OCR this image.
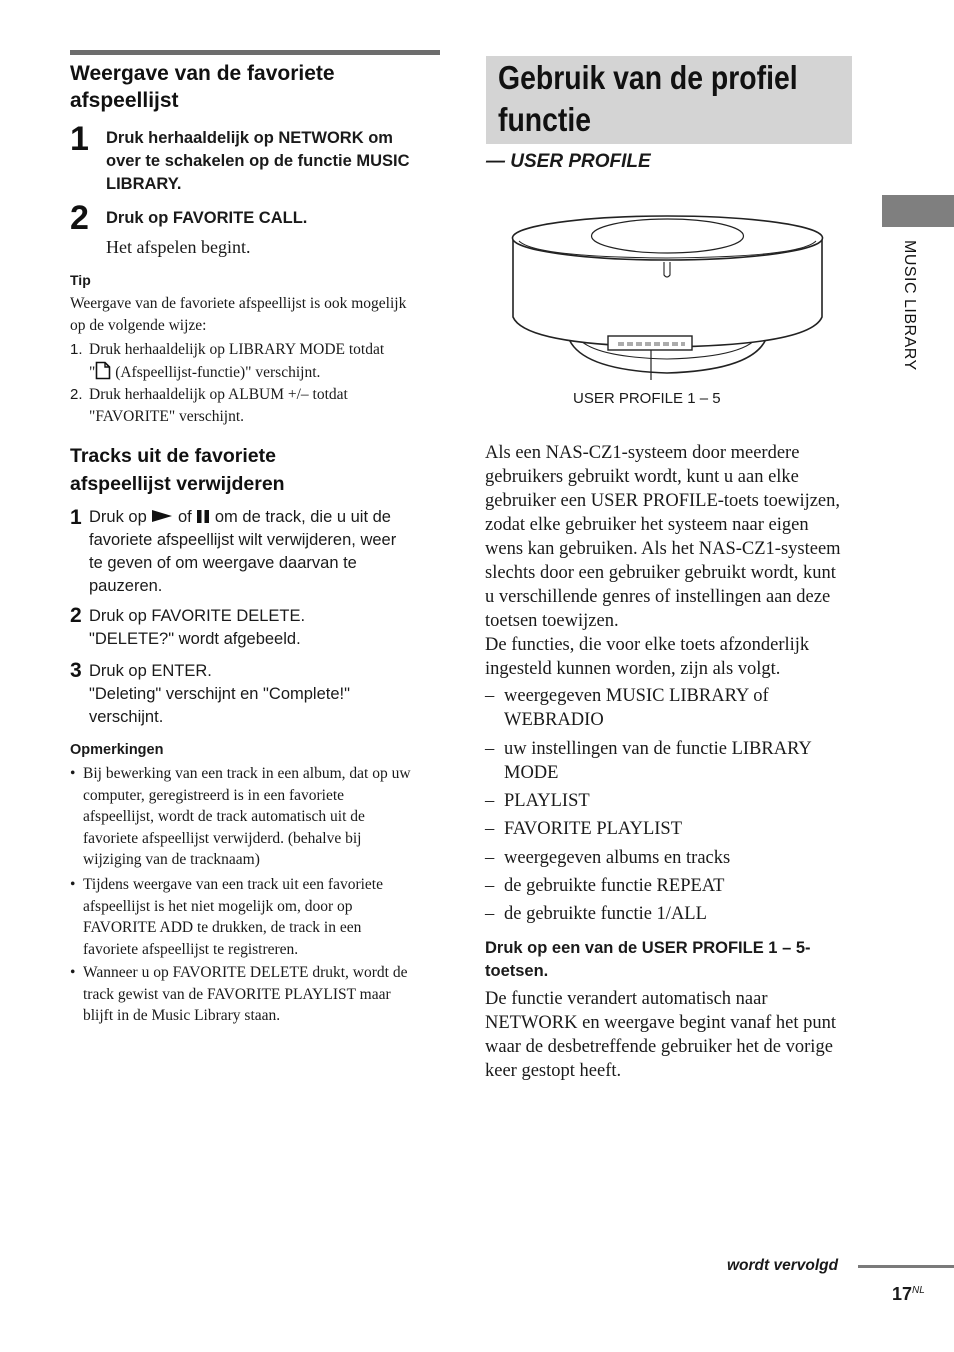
Weergave van de favoriete
afspeellijst
1 Druk herhaaldelijk op NETWORK om
over te schakelen op de functie MUSIC
LIBRARY.
2 Druk op FAVORITE CALL.
Het afspelen begint.
Tip
Weergave van de favoriete afspeellijst is ook mogelijk
op de volgende wijze:
1. Druk herhaaldelijk op LIBRARY MODE totdat
" (Afspeellijst-functie)" verschijnt.
2. Druk herhaaldelijk op ALBUM +/– totdat
"FAVORITE" verschijnt.
Tracks uit de favoriete
afspeellijst verwijderen
1 Druk op  of  om de track, die u uit de
favoriete afspeellijst wilt verwijderen, weer
te geven of om weergave daarvan te
pauzeren.
2 Druk op FAVORITE DELETE.
"DELETE?" wordt afgebeeld.
3 Druk op ENTER.
"Deleting" verschijnt en "Complete!"
verschijnt.
Opmerkingen
• Bij bewerking van een track in een album, dat op uw
computer, geregistreerd is in een favoriete
afspeellijst, wordt de track automatisch uit de
favoriete afspeellijst verwijderd. (behalve bij
wijziging van de tracknaam)
• Tijdens weergave van een track uit een favoriete
afspeellijst is het niet mogelijk om, door op
FAVORITE ADD te drukken, de track in een
favoriete afspeellijst te registreren.
• Wanneer u op FAVORITE DELETE drukt, wordt de
track gewist van de FAVORITE PLAYLIST maar
blijft in de Music Library staan.
Gebruik van de profiel
functie
— USER PROFILE
USER PROFILE 1 – 5
Als een NAS-CZ1-systeem door meerdere
gebruikers gebruikt wordt, kunt u aan elke
gebruiker een USER PROFILE-toets toewijzen,
zodat elke gebruiker het systeem naar eigen
wens kan gebruiken. Als het NAS-CZ1-systeem
slechts door een gebruiker gebruikt wordt, kunt
u verschillende genres of instellingen aan deze
toetsen toewijzen.
De functies, die voor elke toets afzonderlijk
ingesteld kunnen worden, zijn als volgt.
– weergegeven MUSIC LIBRARY of
WEBRADIO
– uw instellingen van de functie LIBRARY
MODE
– PLAYLIST
– FAVORITE PLAYLIST
– weergegeven albums en tracks
– de gebruikte functie REPEAT
– de gebruikte functie 1/ALL
Druk op een van de USER PROFILE 1 – 5-
toetsen.
De functie verandert automatisch naar
NETWORK en weergave begint vanaf het punt
waar de desbetreffende gebruiker het de vorige
keer gestopt heeft.
MUSIC LIBRARY
wordt vervolgd
$17^{NL}$
